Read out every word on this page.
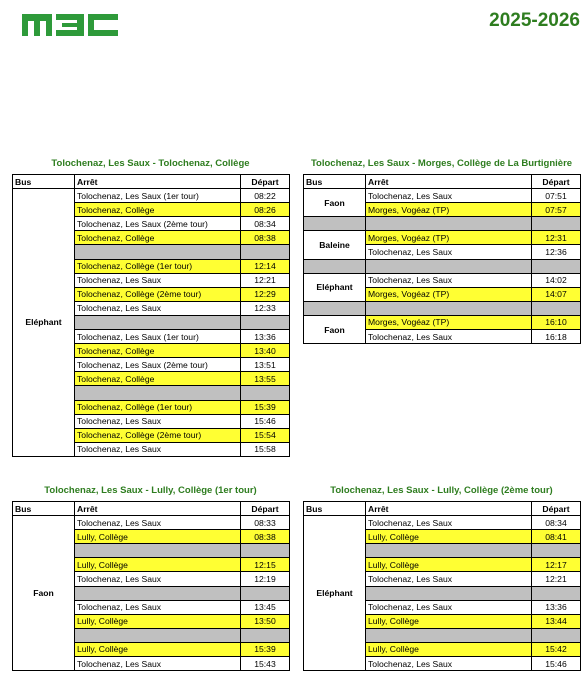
2025-2026
Tolochenaz, Les Saux - Tolochenaz, Collège
Bus	Arrêt	Départ
Eléphant	Tolochenaz, Les Saux (1er tour)	08:22
	Tolochenaz, Collège	08:26
	Tolochenaz, Les Saux (2ème tour)	08:34
	Tolochenaz, Collège	08:38

	Tolochenaz, Collège (1er tour)	12:14
	Tolochenaz, Les Saux	12:21
	Tolochenaz, Collège (2ème tour)	12:29
	Tolochenaz, Les Saux	12:33

	Tolochenaz, Les Saux (1er tour)	13:36
	Tolochenaz, Collège	13:40
	Tolochenaz, Les Saux (2ème tour)	13:51
	Tolochenaz, Collège	13:55

	Tolochenaz, Collège (1er tour)	15:39
	Tolochenaz, Les Saux	15:46
	Tolochenaz, Collège (2ème tour)	15:54
	Tolochenaz, Les Saux	15:58
Tolochenaz, Les Saux - Morges, Collège de La Burtignière
Bus	Arrêt	Départ
Faon	Tolochenaz, Les Saux	07:51
	Morges, Vogéaz (TP)	07:57

Baleine	Morges, Vogéaz (TP)	12:31
	Tolochenaz, Les Saux	12:36

Eléphant	Tolochenaz, Les Saux	14:02
	Morges, Vogéaz (TP)	14:07

Faon	Morges, Vogéaz (TP)	16:10
	Tolochenaz, Les Saux	16:18
Tolochenaz, Les Saux - Lully, Collège (1er tour)
Bus	Arrêt	Départ
Faon	Tolochenaz, Les Saux	08:33
	Lully, Collège	08:38

	Lully, Collège	12:15
	Tolochenaz, Les Saux	12:19

	Tolochenaz, Les Saux	13:45
	Lully, Collège	13:50

	Lully, Collège	15:39
	Tolochenaz, Les Saux	15:43
Tolochenaz, Les Saux - Lully, Collège (2ème tour)
Bus	Arrêt	Départ
Eléphant	Tolochenaz, Les Saux	08:34
	Lully, Collège	08:41

	Lully, Collège	12:17
	Tolochenaz, Les Saux	12:21

	Tolochenaz, Les Saux	13:36
	Lully, Collège	13:44

	Lully, Collège	15:42
	Tolochenaz, Les Saux	15:46
